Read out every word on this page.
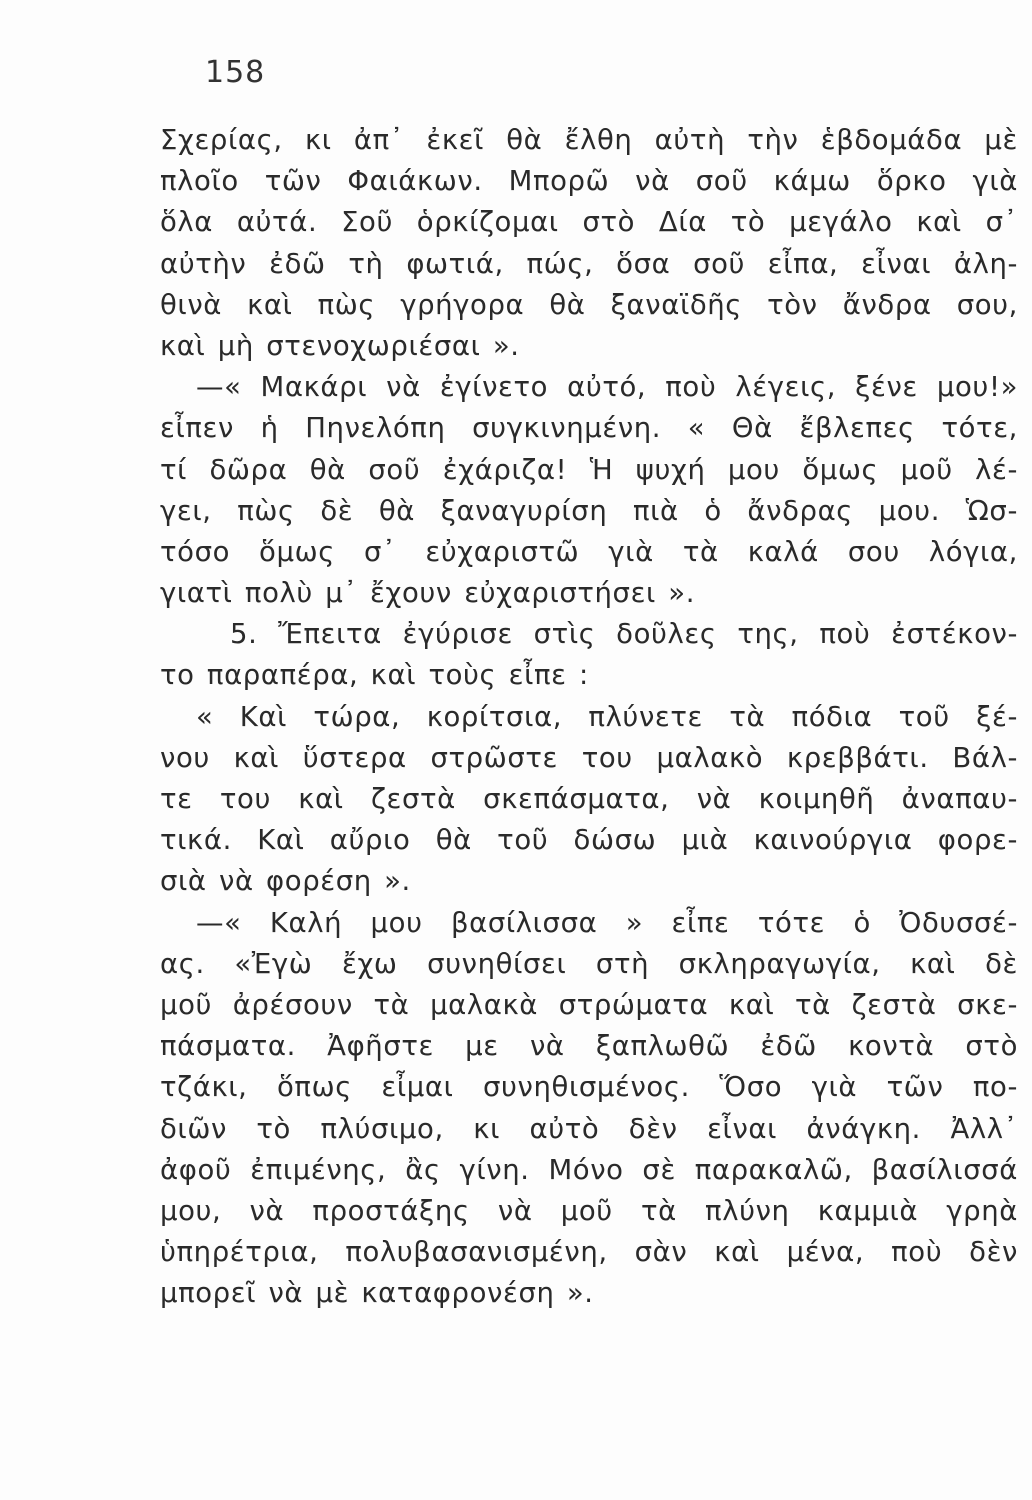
158
Σχερίας, κι ἀπ᾽ ἐκεῖ θὰ ἔλθη αὐτὴ τὴν ἑβδομάδα μὲ
πλοῖο τῶν Φαιάκων. Μπορῶ νὰ σοῦ κάμω ὅρκο γιὰ
ὅλα αὐτά. Σοῦ ὁρκίζομαι στὸ Δία τὸ μεγάλο καὶ σ᾽
αὐτὴν ἐδῶ τὴ φωτιά, πώς, ὅσα σοῦ εἶπα, εἶναι ἀλη-
θινὰ καὶ πὼς γρήγορα θὰ ξαναϊδῆς τὸν ἄνδρα σου,
καὶ μὴ στενοχωριέσαι ».
—« Μακάρι νὰ ἐγίνετο αὐτό, ποὺ λέγεις, ξένε μου!»
εἶπεν ἡ Πηνελόπη συγκινημένη. « Θὰ ἔβλεπες τότε,
τί δῶρα θὰ σοῦ ἐχάριζα! Ἡ ψυχή μου ὅμως μοῦ λέ-
γει, πὼς δὲ θὰ ξαναγυρίση πιὰ ὁ ἄνδρας μου. Ὡσ-
τόσο ὅμως σ᾽ εὐχαριστῶ γιὰ τὰ καλά σου λόγια,
γιατὶ πολὺ μ᾽ ἔχουν εὐχαριστήσει ».
5. Ἔπειτα ἐγύρισε στὶς δοῦλες της, ποὺ ἐστέκον-
το παραπέρα, καὶ τοὺς εἶπε :
« Καὶ τώρα, κορίτσια, πλύνετε τὰ πόδια τοῦ ξέ-
νου καὶ ὕστερα στρῶστε του μαλακὸ κρεββάτι. Βάλ-
τε του καὶ ζεστὰ σκεπάσματα, νὰ κοιμηθῆ ἀναπαυ-
τικά. Καὶ αὔριο θὰ τοῦ δώσω μιὰ καινούργια φορε-
σιὰ νὰ φορέση ».
—« Καλή μου βασίλισσα » εἶπε τότε ὁ Ὀδυσσέ-
ας. «Ἐγὼ ἔχω συνηθίσει στὴ σκληραγωγία, καὶ δὲ
μοῦ ἀρέσουν τὰ μαλακὰ στρώματα καὶ τὰ ζεστὰ σκε-
πάσματα. Ἀφῆστε με νὰ ξαπλωθῶ ἐδῶ κοντὰ στὸ
τζάκι, ὅπως εἶμαι συνηθισμένος. Ὅσο γιὰ τῶν πο-
διῶν τὸ πλύσιμο, κι αὐτὸ δὲν εἶναι ἀνάγκη. Ἀλλ᾽
ἀφοῦ ἐπιμένης, ἂς γίνη. Μόνο σὲ παρακαλῶ, βασίλισσά
μου, νὰ προστάξης νὰ μοῦ τὰ πλύνη καμμιὰ γρηὰ
ὑπηρέτρια, πολυβασανισμένη, σὰν καὶ μένα, ποὺ δὲν
μπορεῖ νὰ μὲ καταφρονέση ».
